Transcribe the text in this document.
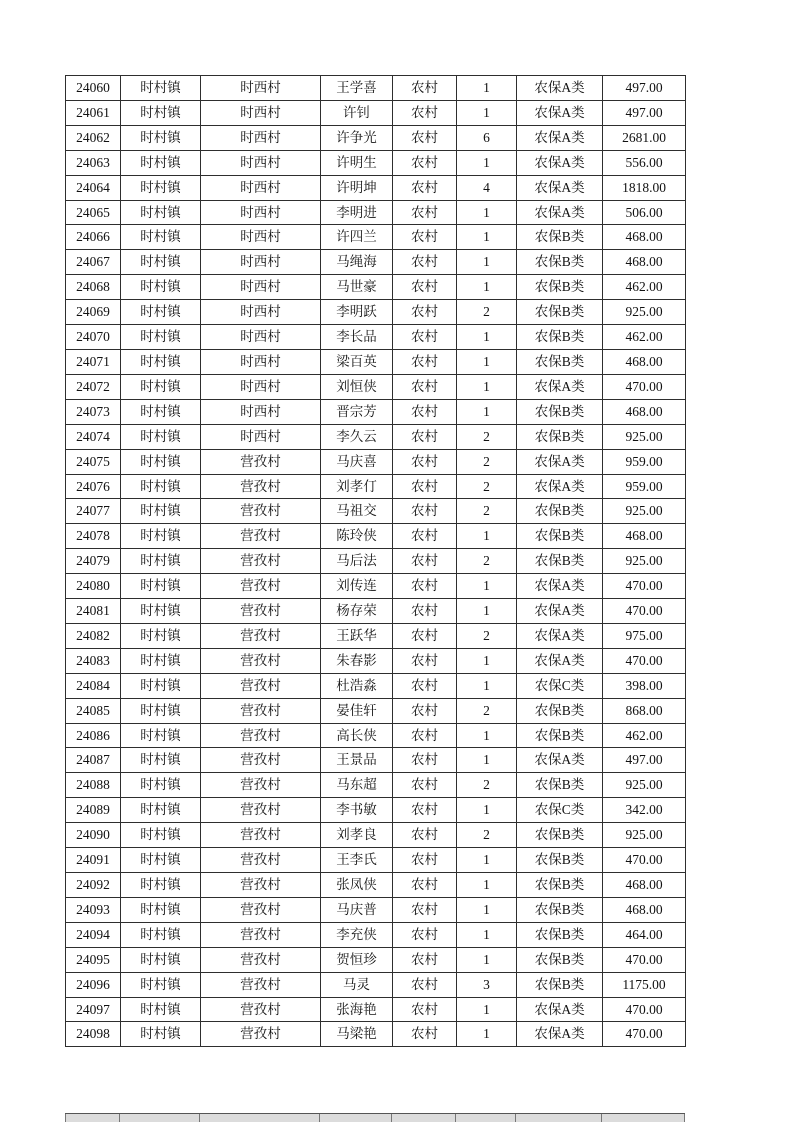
24060	时村镇	时西村	王学喜	农村	1	农保A类	497.00
24061	时村镇	时西村	许钊	农村	1	农保A类	497.00
24062	时村镇	时西村	许争光	农村	6	农保A类	2681.00
24063	时村镇	时西村	许明生	农村	1	农保A类	556.00
24064	时村镇	时西村	许明坤	农村	4	农保A类	1818.00
24065	时村镇	时西村	李明进	农村	1	农保A类	506.00
24066	时村镇	时西村	许四兰	农村	1	农保B类	468.00
24067	时村镇	时西村	马绳海	农村	1	农保B类	468.00
24068	时村镇	时西村	马世豪	农村	1	农保B类	462.00
24069	时村镇	时西村	李明跃	农村	2	农保B类	925.00
24070	时村镇	时西村	李长品	农村	1	农保B类	462.00
24071	时村镇	时西村	梁百英	农村	1	农保B类	468.00
24072	时村镇	时西村	刘恒侠	农村	1	农保A类	470.00
24073	时村镇	时西村	晋宗芳	农村	1	农保B类	468.00
24074	时村镇	时西村	李久云	农村	2	农保B类	925.00
24075	时村镇	营孜村	马庆喜	农村	2	农保A类	959.00
24076	时村镇	营孜村	刘孝仃	农村	2	农保A类	959.00
24077	时村镇	营孜村	马祖交	农村	2	农保B类	925.00
24078	时村镇	营孜村	陈玲侠	农村	1	农保B类	468.00
24079	时村镇	营孜村	马后法	农村	2	农保B类	925.00
24080	时村镇	营孜村	刘传连	农村	1	农保A类	470.00
24081	时村镇	营孜村	杨存荣	农村	1	农保A类	470.00
24082	时村镇	营孜村	王跃华	农村	2	农保A类	975.00
24083	时村镇	营孜村	朱春影	农村	1	农保A类	470.00
24084	时村镇	营孜村	杜浩淼	农村	1	农保C类	398.00
24085	时村镇	营孜村	晏佳轩	农村	2	农保B类	868.00
24086	时村镇	营孜村	高长侠	农村	1	农保B类	462.00
24087	时村镇	营孜村	王景品	农村	1	农保A类	497.00
24088	时村镇	营孜村	马东超	农村	2	农保B类	925.00
24089	时村镇	营孜村	李书敏	农村	1	农保C类	342.00
24090	时村镇	营孜村	刘孝良	农村	2	农保B类	925.00
24091	时村镇	营孜村	王李氏	农村	1	农保B类	470.00
24092	时村镇	营孜村	张凤侠	农村	1	农保B类	468.00
24093	时村镇	营孜村	马庆普	农村	1	农保B类	468.00
24094	时村镇	营孜村	李充侠	农村	1	农保B类	464.00
24095	时村镇	营孜村	贺恒珍	农村	1	农保B类	470.00
24096	时村镇	营孜村	马灵	农村	3	农保B类	1175.00
24097	时村镇	营孜村	张海艳	农村	1	农保A类	470.00
24098	时村镇	营孜村	马梁艳	农村	1	农保A类	470.00
